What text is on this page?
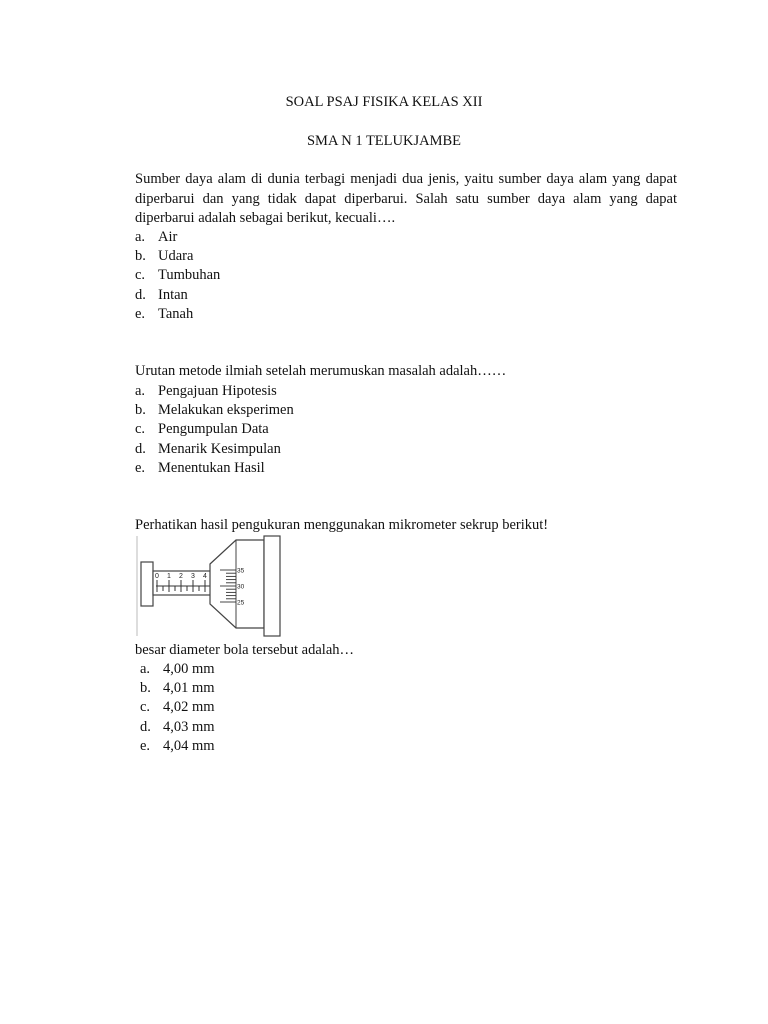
SOAL PSAJ FISIKA KELAS XII
SMA N 1 TELUKJAMBE
Sumber daya alam di dunia terbagi menjadi dua jenis, yaitu sumber daya alam yang dapat diperbarui dan yang tidak dapat diperbarui. Salah satu sumber daya alam yang dapat diperbarui adalah sebagai berikut, kecuali….
a. Air
b. Udara
c. Tumbuhan
d. Intan
e. Tanah
Urutan metode ilmiah setelah merumuskan masalah adalah……
a. Pengajuan Hipotesis
b. Melakukan eksperimen
c. Pengumpulan Data
d. Menarik Kesimpulan
e. Menentukan Hasil
Perhatikan hasil pengukuran menggunakan mikrometer sekrup berikut!
0 1 2 3 4
35
30
25
besar diameter bola tersebut adalah…
a. 4,00 mm
b. 4,01 mm
c. 4,02 mm
d. 4,03 mm
e. 4,04 mm
